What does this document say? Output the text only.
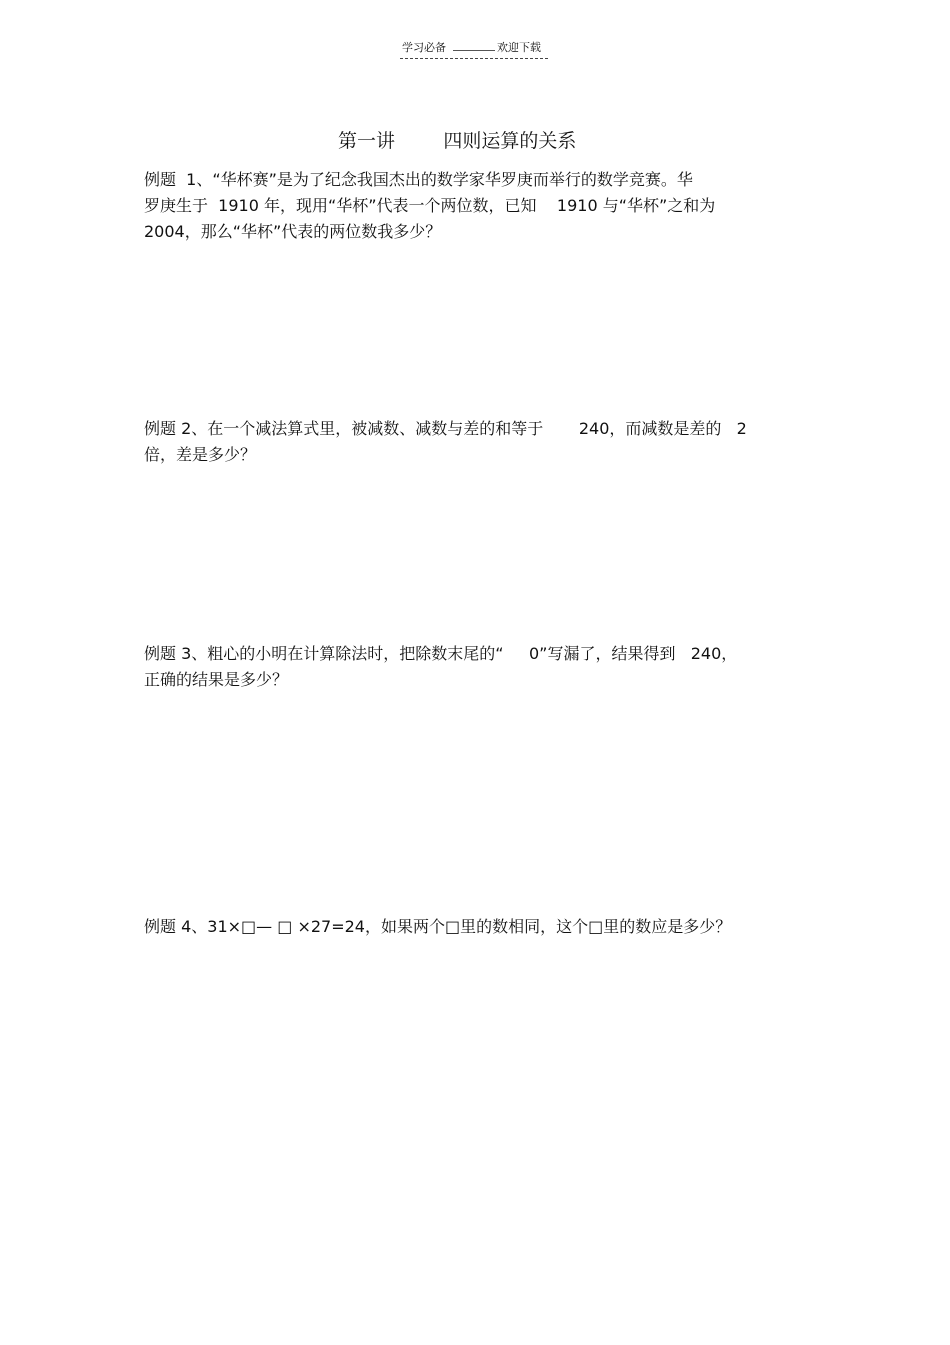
学习必备	欢迎下载
第一讲        四则运算的关系
例题  1、“华杯赛”是为了纪念我国杰出的数学家华罗庚而举行的数学竞赛。华
罗庚生于  1910 年，现用“华杯”代表一个两位数，已知    1910 与“华杯”之和为
2004，那么“华杯”代表的两位数我多少？
例题 2、在一个减法算式里，被减数、减数与差的和等于       240，而减数是差的   2
倍，差是多少？
例题 3、粗心的小明在计算除法时，把除数末尾的“     0”写漏了，结果得到   240，
正确的结果是多少？
例题 4、31×□— □ ×27=24，如果两个□里的数相同，这个□里的数应是多少？
